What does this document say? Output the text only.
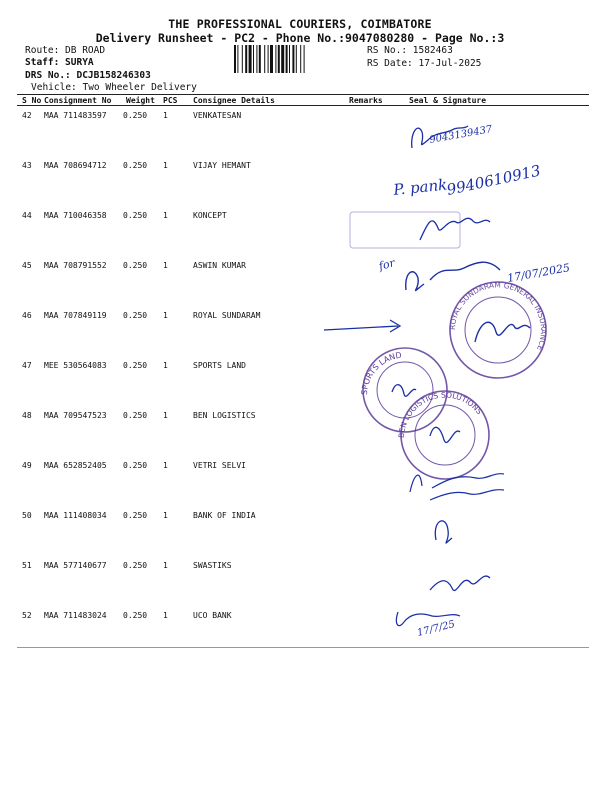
THE PROFESSIONAL COURIERS, COIMBATORE
Delivery Runsheet - PC2 - Phone No.:9047080280 - Page No.:3
Route: DB ROAD
Staff: SURYA
DRS No.: DCJB158246303
Vehicle: Two Wheeler Delivery
RS No.: 1582463
RS Date: 17-Jul-2025
S No Consignment No Weight PCS Consignee Details	Remarks	Seal & Signature
42 MAA 711483597 0.250 1	VENKATESAN
43 MAA 708694712 0.250 1	VIJAY HEMANT
44 MAA 710046358 0.250 1	KONCEPT
45 MAA 708791552 0.250 1	ASWIN KUMAR
46 MAA 707849119 0.250 1	ROYAL SUNDARAM
47 MEE 530564083 0.250 1	SPORTS LAND
48 MAA 709547523 0.250 1	BEN LOGISTICS
49 MAA 652852405 0.250 1	VETRI SELVI
50 MAA 111408034 0.250 1	BANK OF INDIA
51 MAA 577140677 0.250 1	SWASTIKS
52 MAA 711483024 0.250 1	UCO BANK
9043139437
P. pank
9940610913
for	17/07/2025
ROYAL SUNDARAM GENERAL INSURANCE
SPORTS LAND
BEN LOGISTICS SOLUTIONS
17/7/25
